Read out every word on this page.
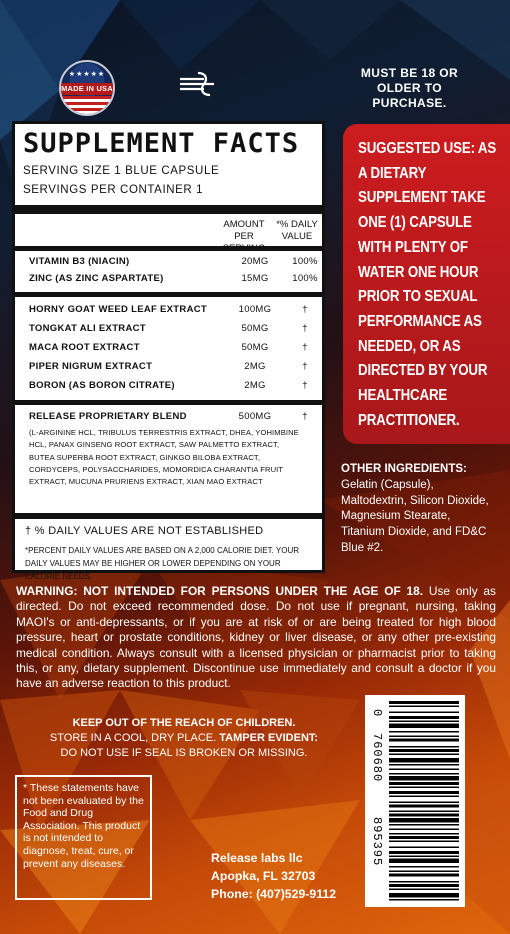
★★★★★
MADE IN USA
MUST BE 18 OR OLDER TO PURCHASE.
SUPPLEMENT FACTS
SERVING SIZE 1 BLUE CAPSULE
SERVINGS PER CONTAINER 1
AMOUNT PER
*% DAILY VALUE
VITAMIN B3 (NIACIN)	20MG	100%
ZINC (AS ZINC ASPARTATE)	15MG	100%
HORNY GOAT WEED LEAF EXTRACT	100MG	†
TONGKAT ALI EXTRACT	50MG	†
MACA ROOT EXTRACT	50MG	†
PIPER NIGRUM EXTRACT	2MG	†
BORON (AS BORON CITRATE)	2MG	†
RELEASE PROPRIETARY BLEND	500MG	†
(L-ARGININE HCL, TRIBULUS TERRESTRIS EXTRACT, DHEA, YOHIMBINE HCL, PANAX GINSENG ROOT EXTRACT, SAW PALMETTO EXTRACT, BUTEA SUPERBA ROOT EXTRACT, GINKGO BILOBA EXTRACT, CORDYCEPS, POLYSACCHARIDES, MOMORDICA CHARANTIA FRUIT EXTRACT, MUCUNA PRURIENS EXTRACT, XIAN MAO EXTRACT
† % DAILY VALUES ARE NOT ESTABLISHED
*PERCENT DAILY VALUES ARE BASED ON A 2,000 CALORIE DIET. YOUR DAILY VALUES MAY BE HIGHER OR LOWER DEPENDING ON YOUR CALORIE NEEDS.
SUGGESTED USE: AS A DIETARY SUPPLEMENT TAKE ONE (1) CAPSULE WITH PLENTY OF WATER ONE HOUR PRIOR TO SEXUAL PERFORMANCE AS NEEDED, OR AS DIRECTED BY YOUR HEALTHCARE PRACTITIONER.
OTHER INGREDIENTS:
Gelatin (Capsule), Maltodextrin, Silicon Dioxide, Magnesium Stearate, Titanium Dioxide, and FD&C Blue #2.
WARNING: NOT INTENDED FOR PERSONS UNDER THE AGE OF 18. Use only as directed. Do not exceed recommended dose. Do not use if pregnant, nursing, taking MAOI's or anti-depressants, or if you are at risk of or are being treated for high blood pressure, heart or prostate conditions, kidney or liver disease, or any other pre-existing medical condition. Always consult with a licensed physician or pharmacist prior to taking this, or any, dietary supplement. Discontinue use immediately and consult a doctor if you have an adverse reaction to this product.
KEEP OUT OF THE REACH OF CHILDREN.
STORE IN A COOL, DRY PLACE. TAMPER EVIDENT:
DO NOT USE IF SEAL IS BROKEN OR MISSING.
* These statements have not been evaluated by the Food and Drug Association. This product is not intended to diagnose, treat, cure, or prevent any diseases.	Release labs llc
Apopka, FL 32703
Phone: (407)529-9112
0
760680
895395
